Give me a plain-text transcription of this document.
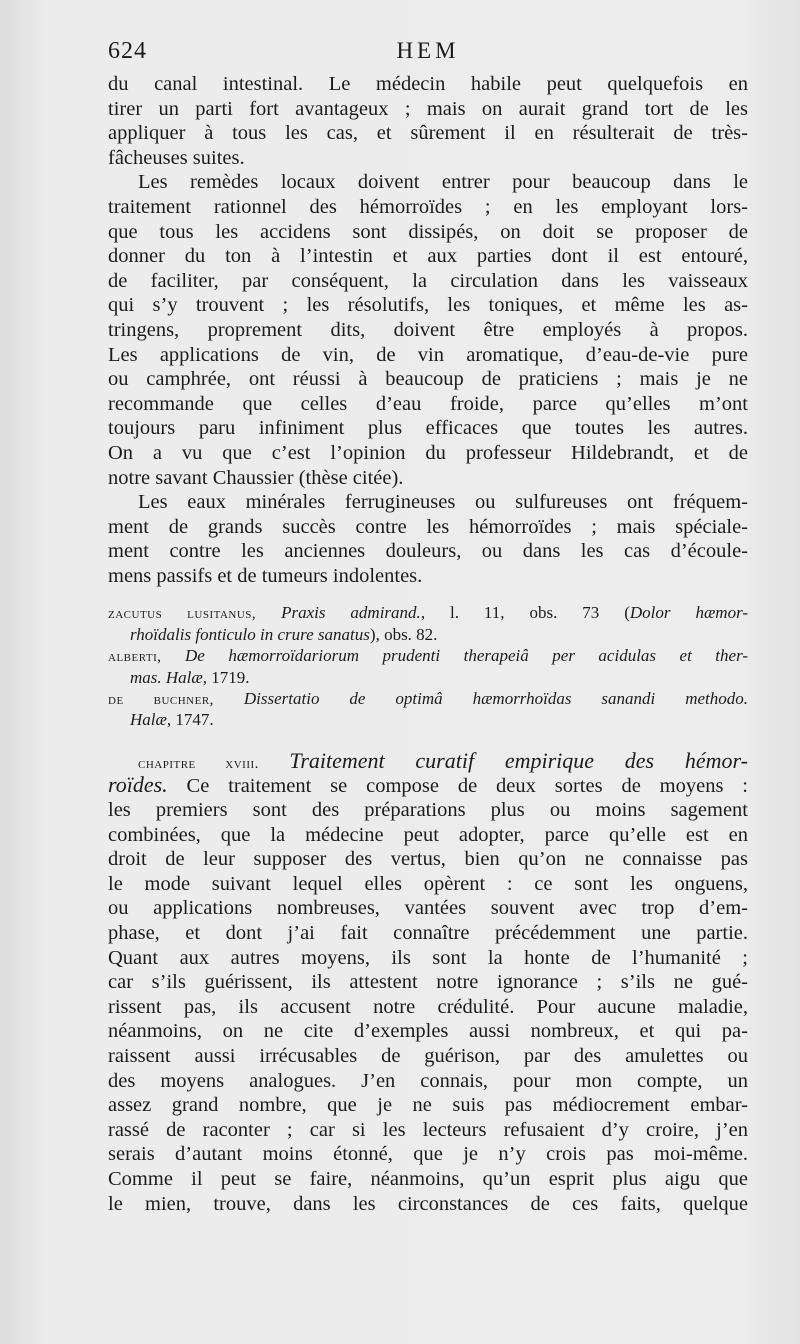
624	HEM
du canal intestinal. Le médecin habile peut quelquefois en
tirer un parti fort avantageux ; mais on aurait grand tort de les
appliquer à tous les cas, et sûrement il en résulterait de très-
fâcheuses suites.
Les remèdes locaux doivent entrer pour beaucoup dans le
traitement rationnel des hémorroïdes ; en les employant lors-
que tous les accidens sont dissipés, on doit se proposer de
donner du ton à l’intestin et aux parties dont il est entouré,
de faciliter, par conséquent, la circulation dans les vaisseaux
qui s’y trouvent ; les résolutifs, les toniques, et même les as-
tringens, proprement dits, doivent être employés à propos.
Les applications de vin, de vin aromatique, d’eau-de-vie pure
ou camphrée, ont réussi à beaucoup de praticiens ; mais je ne
recommande que celles d’eau froide, parce qu’elles m’ont
toujours paru infiniment plus efficaces que toutes les autres.
On a vu que c’est l’opinion du professeur Hildebrandt, et de
notre savant Chaussier (thèse citée).
Les eaux minérales ferrugineuses ou sulfureuses ont fréquem-
ment de grands succès contre les hémorroïdes ; mais spéciale-
ment contre les anciennes douleurs, ou dans les cas d’écoule-
mens passifs et de tumeurs indolentes.
zacutus lusitanus, Praxis admirand., l. 11, obs. 73 (Dolor hæmor-
rhoïdalis fonticulo in crure sanatus), obs. 82.
alberti, De hæmorroïdariorum prudenti therapeiâ per acidulas et ther-
mas. Halæ, 1719.
de buchner, Dissertatio de optimâ hæmorrhoïdas sanandi methodo.
Halæ, 1747.
chapitre xviii. Traitement curatif empirique des hémor-
roïdes. Ce traitement se compose de deux sortes de moyens :
les premiers sont des préparations plus ou moins sagement
combinées, que la médecine peut adopter, parce qu’elle est en
droit de leur supposer des vertus, bien qu’on ne connaisse pas
le mode suivant lequel elles opèrent : ce sont les onguens,
ou applications nombreuses, vantées souvent avec trop d’em-
phase, et dont j’ai fait connaître précédemment une partie.
Quant aux autres moyens, ils sont la honte de l’humanité ;
car s’ils guérissent, ils attestent notre ignorance ; s’ils ne gué-
rissent pas, ils accusent notre crédulité. Pour aucune maladie,
néanmoins, on ne cite d’exemples aussi nombreux, et qui pa-
raissent aussi irrécusables de guérison, par des amulettes ou
des moyens analogues. J’en connais, pour mon compte, un
assez grand nombre, que je ne suis pas médiocrement embar-
rassé de raconter ; car si les lecteurs refusaient d’y croire, j’en
serais d’autant moins étonné, que je n’y crois pas moi-même.
Comme il peut se faire, néanmoins, qu’un esprit plus aigu que
le mien, trouve, dans les circonstances de ces faits, quelque
